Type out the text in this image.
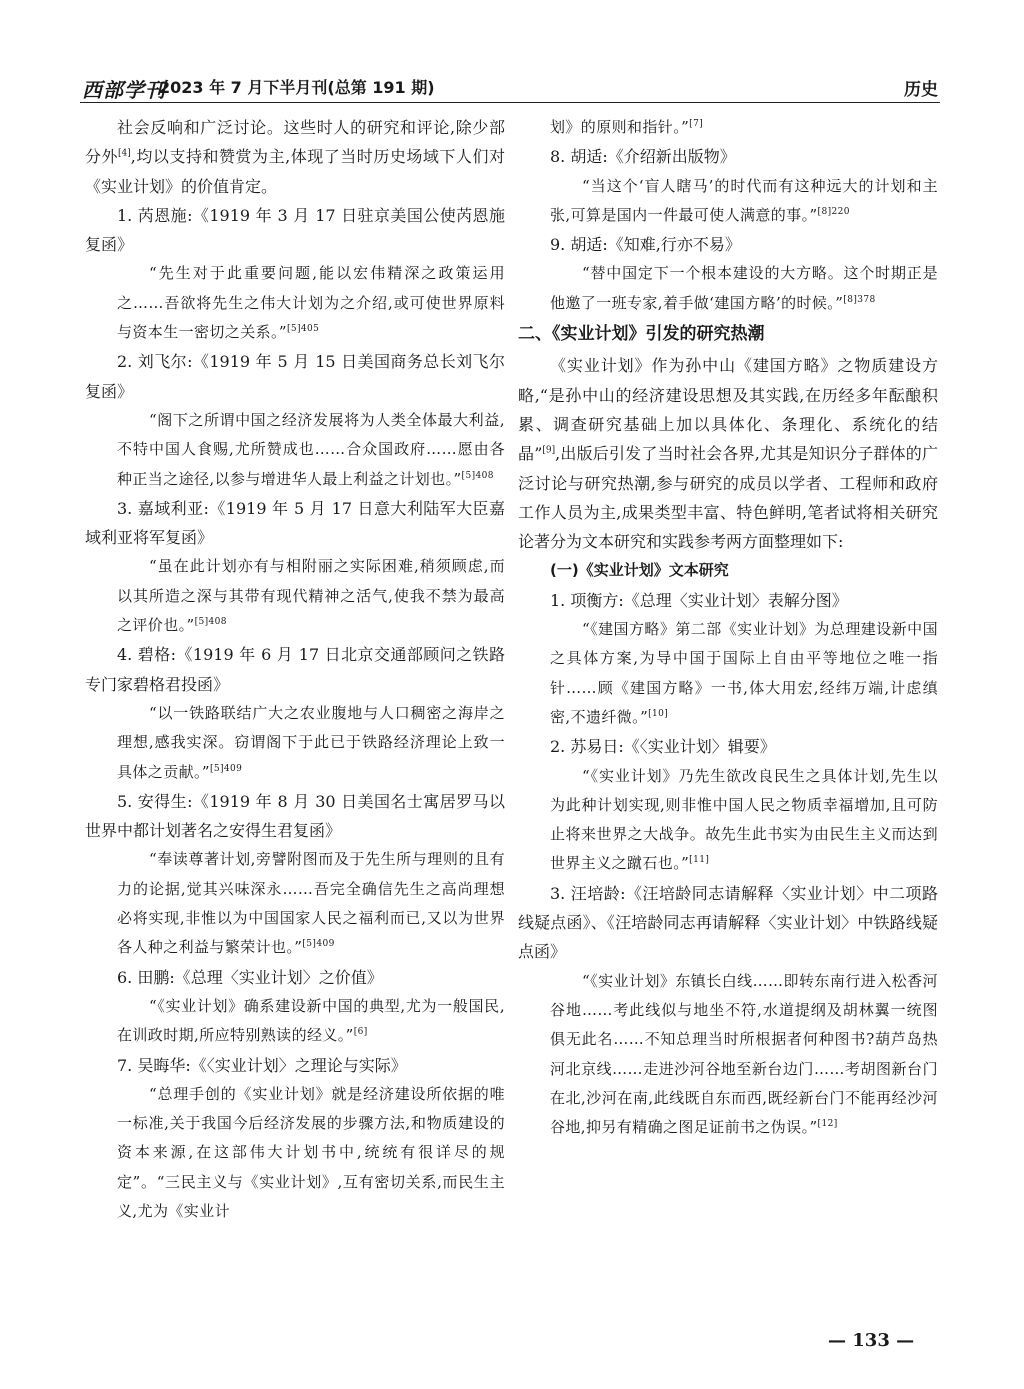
西部学刊
2023 年 7 月下半月刊(总第 191 期)	历史

社会反响和广泛讨论。这些时人的研究和评论,除少部分外[4],均以支持和赞赏为主,体现了当时历史场域下人们对《实业计划》的价值肯定。

1. 芮恩施:《1919 年 3 月 17 日驻京美国公使芮恩施复函》

“先生对于此重要问题,能以宏伟精深之政策运用之……吾欲将先生之伟大计划为之介绍,或可使世界原料与资本生一密切之关系。”$^{[5]405}$

2. 刘飞尔:《1919 年 5 月 15 日美国商务总长刘飞尔复函》

“阁下之所谓中国之经济发展将为人类全体最大利益,不特中国人食赐,尤所赞成也……合众国政府……愿由各种正当之途径,以参与增进华人最上利益之计划也。”$^{[5]408}$

3. 嘉域利亚:《1919 年 5 月 17 日意大利陆军大臣嘉域利亚将军复函》

“虽在此计划亦有与相附丽之实际困难,稍须顾虑,而以其所造之深与其带有现代精神之活气,使我不禁为最高之评价也。”$^{[5]408}$

4. 碧格:《1919 年 6 月 17 日北京交通部顾问之铁路专门家碧格君投函》

“以一铁路联结广大之农业腹地与人口稠密之海岸之理想,感我实深。窃谓阁下于此已于铁路经济理论上致一具体之贡献。”$^{[5]409}$

5. 安得生:《1919 年 8 月 30 日美国名士寓居罗马以世界中都计划著名之安得生君复函》

“奉读尊著计划,旁譬附图而及于先生所与理则的且有力的论据,觉其兴味深永……吾完全确信先生之高尚理想必将实现,非惟以为中国国家人民之福利而已,又以为世界各人种之利益与繁荣计也。”$^{[5]409}$

6. 田鹏:《总理〈实业计划〉之价值》

“《实业计划》确系建设新中国的典型,尤为一般国民,在训政时期,所应特别熟读的经义。”[6]

7. 吴晦华:《〈实业计划〉之理论与实际》

“总理手创的《实业计划》就是经济建设所依据的唯一标准,关于我国今后经济发展的步骤方法,和物质建设的资本来源,在这部伟大计划书中,统统有很详尽的规定”。“三民主义与《实业计划》,互有密切关系,而民生主义,尤为《实业计

划》的原则和指针。”[7]

8. 胡适:《介绍新出版物》

“当这个‘盲人瞎马’的时代而有这种远大的计划和主张,可算是国内一件最可使人满意的事。”$^{[8]220}$

9. 胡适:《知难,行亦不易》

“替中国定下一个根本建设的大方略。这个时期正是他邀了一班专家,着手做‘建国方略’的时候。”$^{[8]378}$

二、《实业计划》引发的研究热潮

《实业计划》作为孙中山《建国方略》之物质建设方略,“是孙中山的经济建设思想及其实践,在历经多年酝酿积累、调查研究基础上加以具体化、条理化、系统化的结晶”[9],出版后引发了当时社会各界,尤其是知识分子群体的广泛讨论与研究热潮,参与研究的成员以学者、工程师和政府工作人员为主,成果类型丰富、特色鲜明,笔者试将相关研究论著分为文本研究和实践参考两方面整理如下:

(一)《实业计划》文本研究

1. 项衡方:《总理〈实业计划〉表解分图》

“《建国方略》第二部《实业计划》为总理建设新中国之具体方案,为导中国于国际上自由平等地位之唯一指针……顾《建国方略》一书,体大用宏,经纬万端,计虑缜密,不遗纤微。”[10]

2. 苏易日:《〈实业计划〉辑要》

“《实业计划》乃先生欲改良民生之具体计划,先生以为此种计划实现,则非惟中国人民之物质幸福增加,且可防止将来世界之大战争。故先生此书实为由民生主义而达到世界主义之蹴石也。”[11]

3. 汪培龄:《汪培龄同志请解释〈实业计划〉中二项路线疑点函》、《汪培龄同志再请解释〈实业计划〉中铁路线疑点函》

“《实业计划》东镇长白线……即转东南行进入松香河谷地……考此线似与地坐不符,水道提纲及胡林翼一统图俱无此名……不知总理当时所根据者何种图书?葫芦岛热河北京线……走进沙河谷地至新台边门……考胡图新台门在北,沙河在南,此线既自东而西,既经新台门不能再经沙河谷地,抑另有精确之图足证前书之伪误。”[12]

— 133 —
